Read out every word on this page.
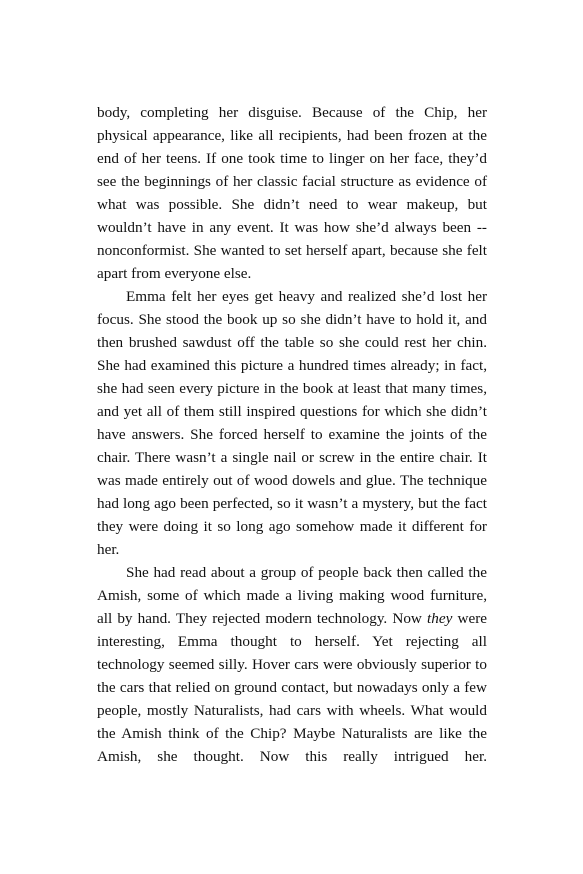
body, completing her disguise. Because of the Chip, her physical appearance, like all recipients, had been frozen at the end of her teens. If one took time to linger on her face, they’d see the beginnings of her classic facial structure as evidence of what was possible. She didn’t need to wear makeup, but wouldn’t have in any event. It was how she’d always been -- nonconformist. She wanted to set herself apart, because she felt apart from everyone else.

Emma felt her eyes get heavy and realized she’d lost her focus. She stood the book up so she didn’t have to hold it, and then brushed sawdust off the table so she could rest her chin. She had examined this picture a hundred times already; in fact, she had seen every picture in the book at least that many times, and yet all of them still inspired questions for which she didn’t have answers. She forced herself to examine the joints of the chair. There wasn’t a single nail or screw in the entire chair. It was made entirely out of wood dowels and glue. The technique had long ago been perfected, so it wasn’t a mystery, but the fact they were doing it so long ago somehow made it different for her.

She had read about a group of people back then called the Amish, some of which made a living making wood furniture, all by hand. They rejected modern technology. Now they were interesting, Emma thought to herself. Yet rejecting all technology seemed silly. Hover cars were obviously superior to the cars that relied on ground contact, but nowadays only a few people, mostly Naturalists, had cars with wheels. What would the Amish think of the Chip? Maybe Naturalists are like the Amish, she thought. Now this really intrigued her.
